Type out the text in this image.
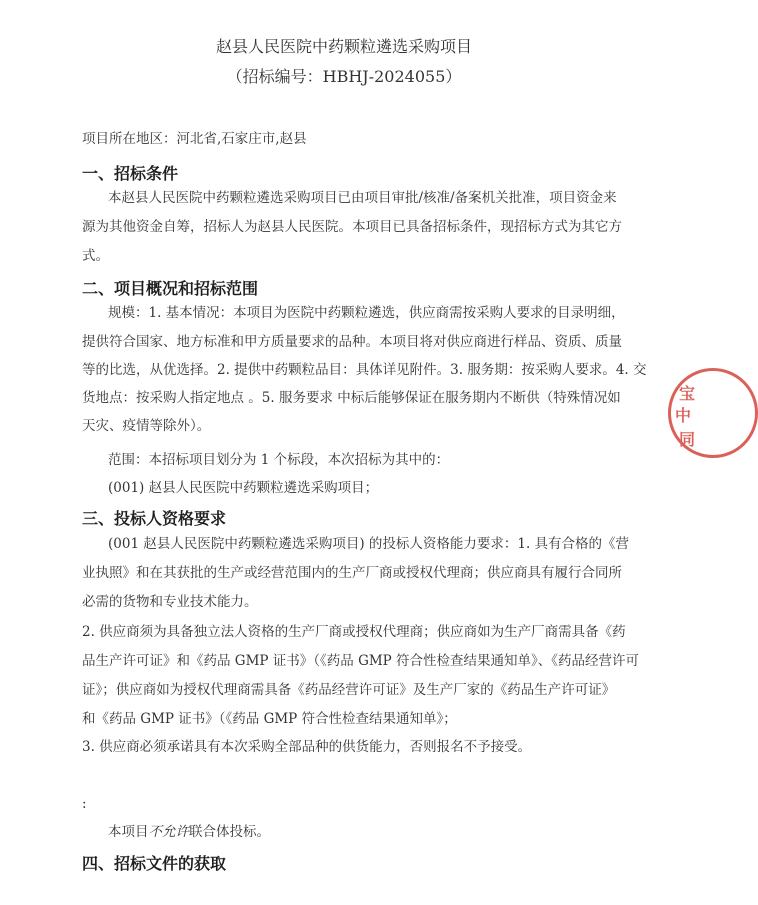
赵县人民医院中药颗粒遴选采购项目
（招标编号：HBHJ-2024055）
项目所在地区：河北省,石家庄市,赵县
一、招标条件
本赵县人民医院中药颗粒遴选采购项目已由项目审批/核准/备案机关批准，项目资金来
源为其他资金自筹，招标人为赵县人民医院。本项目已具备招标条件，现招标方式为其它方
式。
二、项目概况和招标范围
规模：1. 基本情况：本项目为医院中药颗粒遴选，供应商需按采购人要求的目录明细，
提供符合国家、地方标准和甲方质量要求的品种。本项目将对供应商进行样品、资质、质量
等的比选，从优选择。2. 提供中药颗粒品目：具体详见附件。3. 服务期：按采购人要求。4. 交
货地点：按采购人指定地点 。5. 服务要求 中标后能够保证在服务期内不断供（特殊情况如
天灾、疫情等除外）。
范围：本招标项目划分为 1 个标段，本次招标为其中的：
(001) 赵县人民医院中药颗粒遴选采购项目；
三、投标人资格要求
(001 赵县人民医院中药颗粒遴选采购项目) 的投标人资格能力要求：1. 具有合格的《营
业执照》和在其获批的生产或经营范围内的生产厂商或授权代理商；供应商具有履行合同所
必需的货物和专业技术能力。
2. 供应商须为具备独立法人资格的生产厂商或授权代理商；供应商如为生产厂商需具备《药
品生产许可证》和《药品 GMP 证书》（《药品 GMP 符合性检查结果通知单》、《药品经营许可
证》；供应商如为授权代理商需具备《药品经营许可证》及生产厂家的《药品生产许可证》
和《药品 GMP 证书》（《药品 GMP 符合性检查结果通知单》；
3. 供应商必须承诺具有本次采购全部品种的供货能力，否则报名不予接受。
:
本项目不允许联合体投标。
四、招标文件的获取
宝
中
同
